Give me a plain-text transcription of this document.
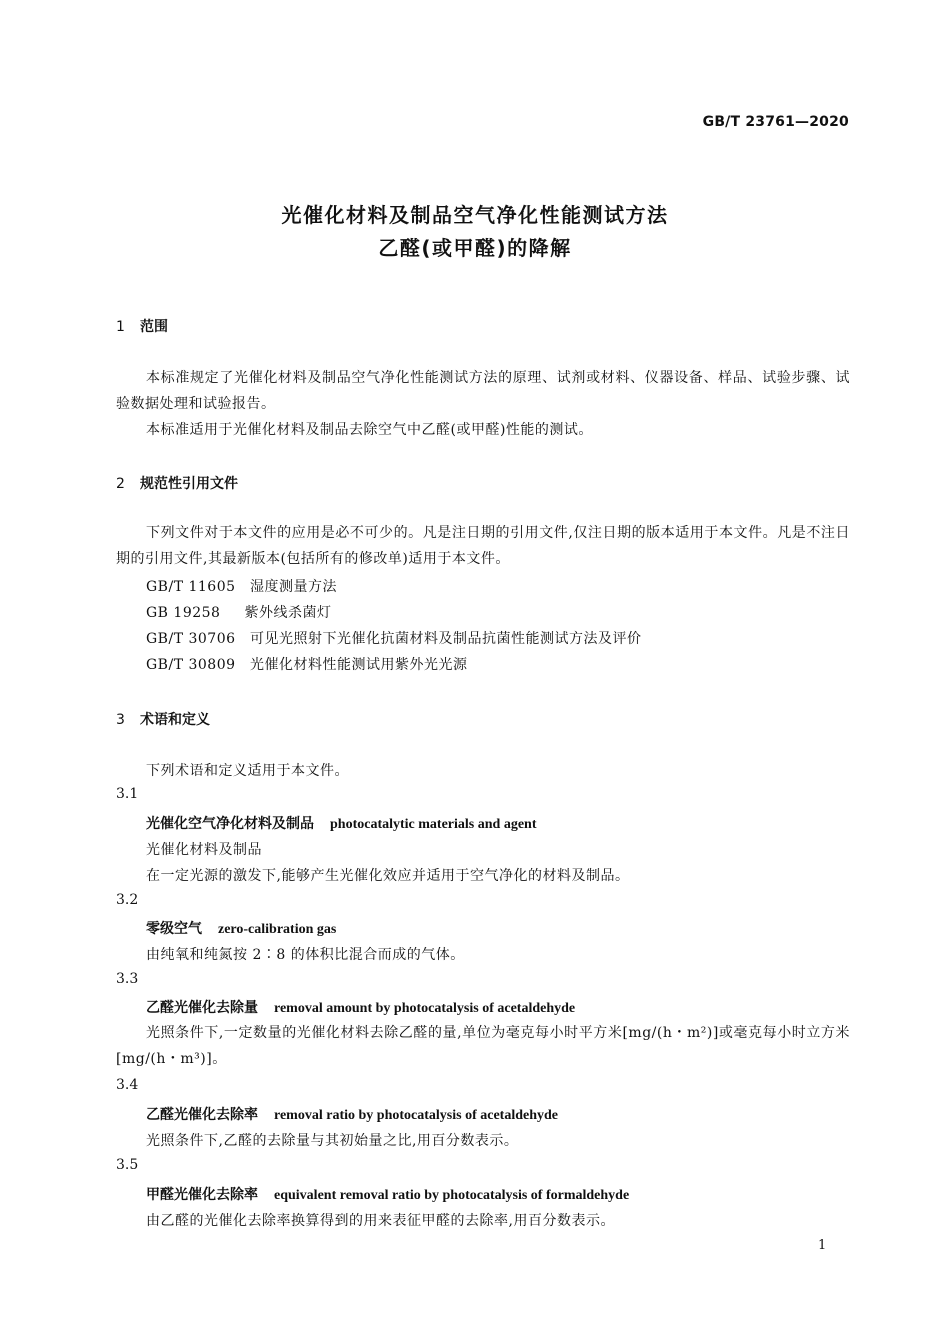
GB/T 23761—2020
光催化材料及制品空气净化性能测试方法
乙醛(或甲醛)的降解
1 范围
本标准规定了光催化材料及制品空气净化性能测试方法的原理、试剂或材料、仪器设备、样品、试验步骤、试验数据处理和试验报告。
本标准适用于光催化材料及制品去除空气中乙醛(或甲醛)性能的测试。
2 规范性引用文件
下列文件对于本文件的应用是必不可少的。凡是注日期的引用文件,仅注日期的版本适用于本文件。凡是不注日期的引用文件,其最新版本(包括所有的修改单)适用于本文件。
GB/T 11605　 湿度测量方法
GB 19258　 紫外线杀菌灯
GB/T 30706　 可见光照射下光催化抗菌材料及制品抗菌性能测试方法及评价
GB/T 30809　 光催化材料性能测试用紫外光光源
3 术语和定义
下列术语和定义适用于本文件。
3.1
光催化空气净化材料及制品 photocatalytic materials and agent
光催化材料及制品
在一定光源的激发下,能够产生光催化效应并适用于空气净化的材料及制品。
3.2
零级空气 zero-calibration gas
由纯氧和纯氮按 2∶8 的体积比混合而成的气体。
3.3
乙醛光催化去除量 removal amount by photocatalysis of acetaldehyde
光照条件下,一定数量的光催化材料去除乙醛的量,单位为毫克每小时平方米[mg/(h・m²)]或毫克每小时立方米[mg/(h・m³)]。
3.4
乙醛光催化去除率 removal ratio by photocatalysis of acetaldehyde
光照条件下,乙醛的去除量与其初始量之比,用百分数表示。
3.5
甲醛光催化去除率 equivalent removal ratio by photocatalysis of formaldehyde
由乙醛的光催化去除率换算得到的用来表征甲醛的去除率,用百分数表示。
1
